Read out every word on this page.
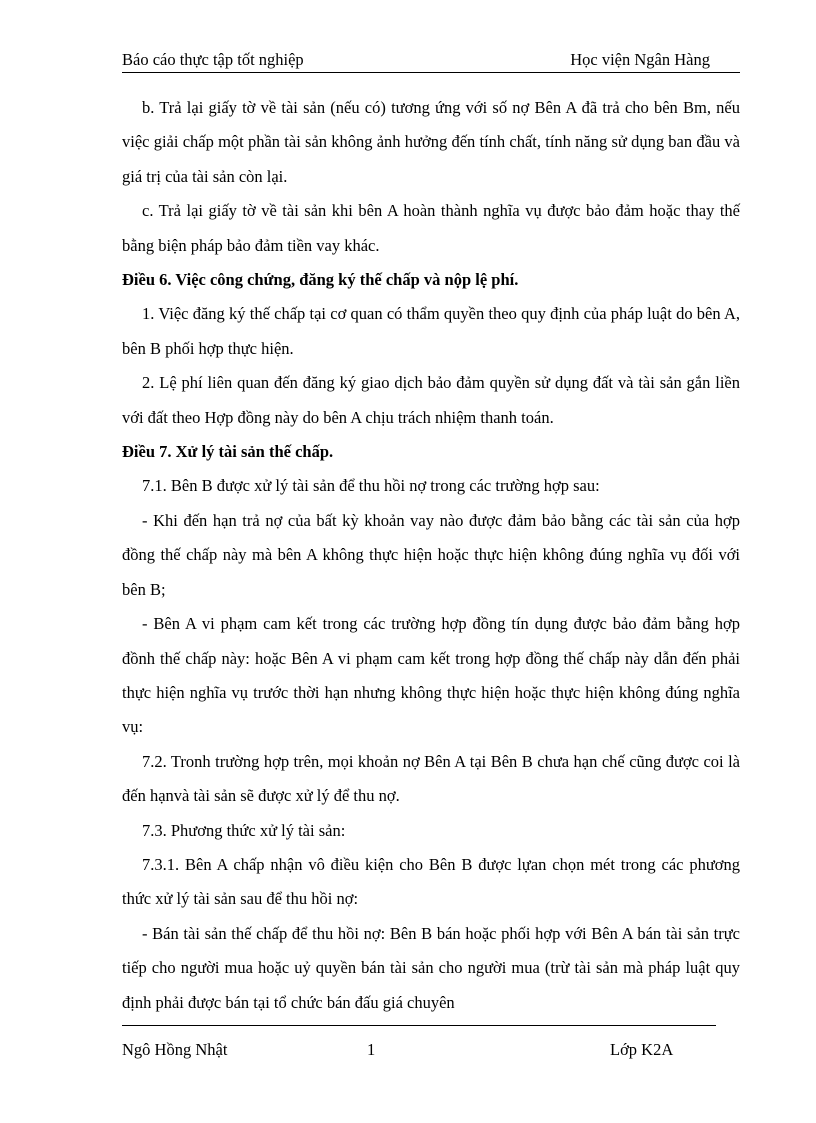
Báo cáo thực tập tốt nghiệp	Học viện Ngân Hàng

b. Trả lại giấy tờ về tài sản (nếu có) tương ứng với số nợ Bên A đã trả cho bên Bm, nếu việc giải chấp một phần tài sản không ảnh hưởng đến tính chất, tính năng sử dụng ban đầu và giá trị của tài sản còn lại.

c. Trả lại giấy tờ về tài sản khi bên A hoàn thành nghĩa vụ được bảo đảm hoặc thay thế bằng biện pháp bảo đảm tiền vay khác.

Điều 6. Việc công chứng, đăng ký thế chấp và nộp lệ phí.

1. Việc đăng ký thế chấp tại cơ quan có thẩm quyền theo quy định của pháp luật do bên A, bên B phối hợp thực hiện.

2. Lệ phí liên quan đến đăng ký giao dịch bảo đảm quyền sử dụng đất và tài sản gắn liền với đất theo Hợp đồng này do bên A chịu trách nhiệm thanh toán.

Điều 7. Xử lý tài sản thế chấp.

7.1. Bên B được xử lý tài sản để thu hồi nợ trong các trường hợp sau:

- Khi đến hạn trả nợ của bất kỳ khoản vay nào được đảm bảo bằng các tài sản của hợp đồng thế chấp này mà bên A không thực hiện hoặc thực hiện không đúng nghĩa vụ đối với bên B;

- Bên A vi phạm cam kết trong các trường hợp đồng tín dụng được bảo đảm bằng hợp đồnh thế chấp này: hoặc Bên A vi phạm cam kết trong hợp đồng thế chấp này dẫn đến phải thực hiện nghĩa vụ trước thời hạn nhưng không thực hiện hoặc thực hiện không đúng nghĩa vụ:

7.2. Tronh trường hợp trên, mọi khoản nợ Bên A tại Bên B chưa hạn chế cũng được coi là đến hạnvà tài sản sẽ được xử lý để thu nợ.

7.3. Phương thức xử lý tài sản:

7.3.1. Bên A chấp nhận vô điều kiện cho Bên B được lựan chọn mét trong các phương thức xử lý tài sản sau để thu hồi nợ:

- Bán tài sản thế chấp để thu hồi nợ: Bên B bán hoặc phối hợp với Bên A bán tài sản trực tiếp cho người mua hoặc uỷ quyền bán tài sản cho người mua (trừ tài sản mà pháp luật quy định phải được bán tại tổ chức bán đấu giá chuyên

Ngô Hồng Nhật	1	Lớp K2A
